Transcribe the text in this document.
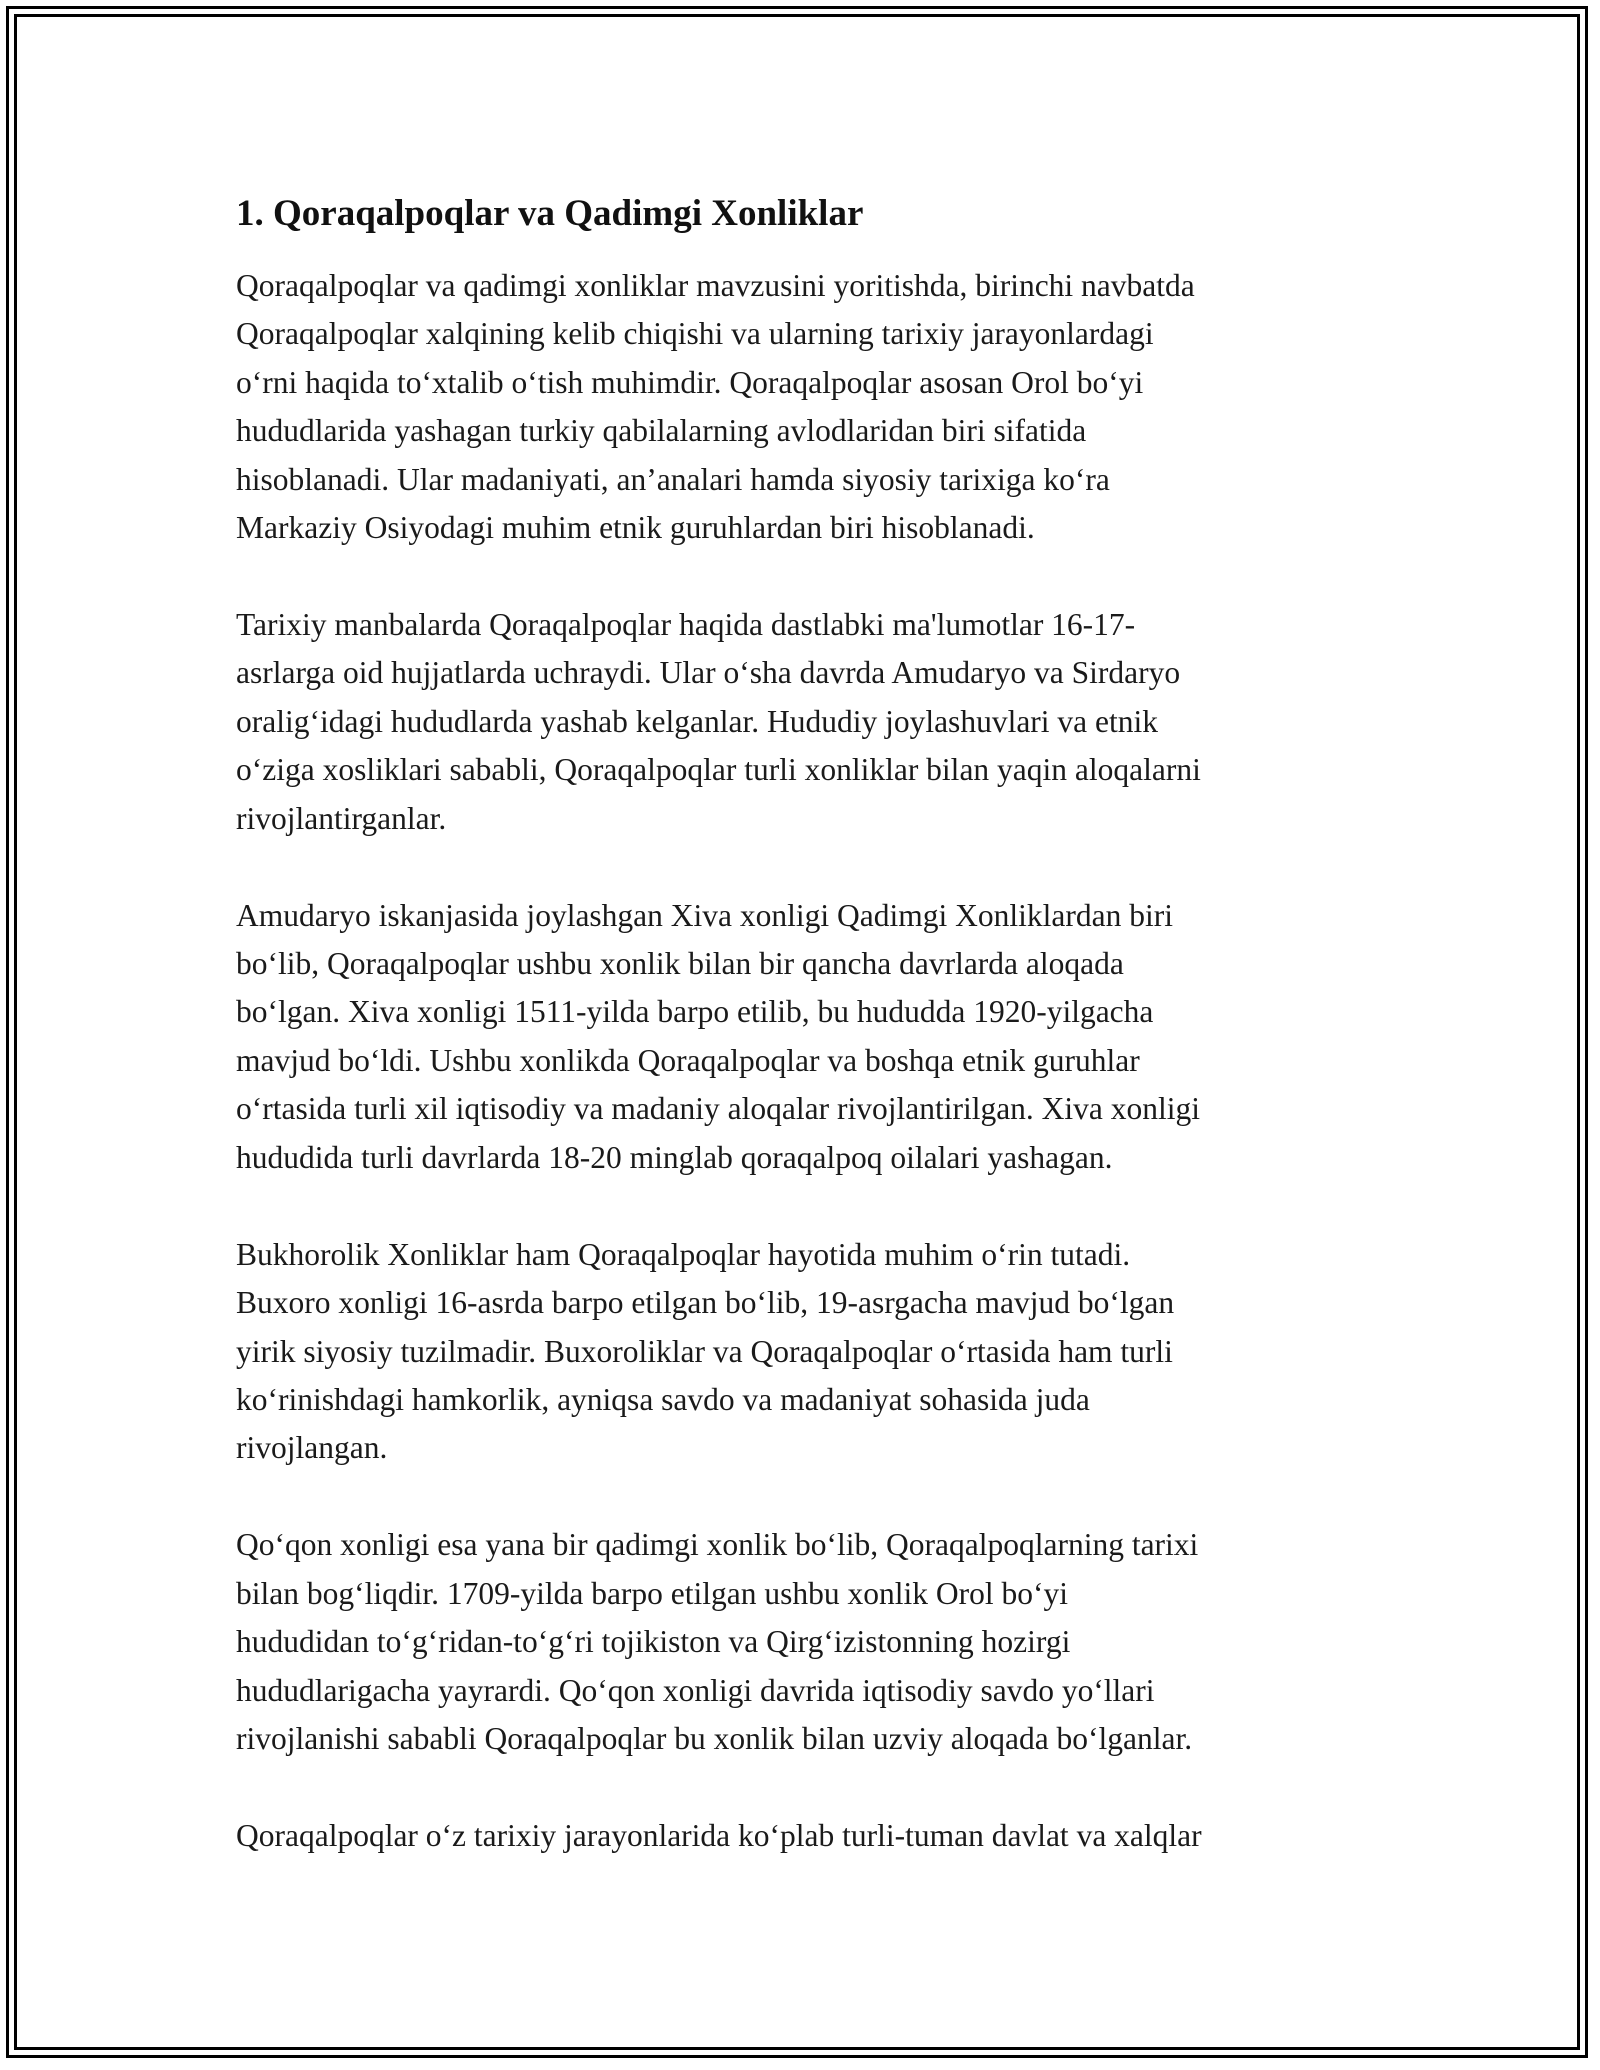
1. Qoraqalpoqlar va Qadimgi Xonliklar

Qoraqalpoqlar va qadimgi xonliklar mavzusini yoritishda, birinchi navbatda
Qoraqalpoqlar xalqining kelib chiqishi va ularning tarixiy jarayonlardagi
o‘rni haqida to‘xtalib o‘tish muhimdir. Qoraqalpoqlar asosan Orol bo‘yi
hududlarida yashagan turkiy qabilalarning avlodlaridan biri sifatida
hisoblanadi. Ular madaniyati, an’analari hamda siyosiy tarixiga ko‘ra
Markaziy Osiyodagi muhim etnik guruhlardan biri hisoblanadi.

Tarixiy manbalarda Qoraqalpoqlar haqida dastlabki ma'lumotlar 16-17-
asrlarga oid hujjatlarda uchraydi. Ular o‘sha davrda Amudaryo va Sirdaryo
oralig‘idagi hududlarda yashab kelganlar. Hududiy joylashuvlari va etnik
o‘ziga xosliklari sababli, Qoraqalpoqlar turli xonliklar bilan yaqin aloqalarni
rivojlantirganlar.

Amudaryo iskanjasida joylashgan Xiva xonligi Qadimgi Xonliklardan biri
bo‘lib, Qoraqalpoqlar ushbu xonlik bilan bir qancha davrlarda aloqada
bo‘lgan. Xiva xonligi 1511-yilda barpo etilib, bu hududda 1920-yilgacha
mavjud bo‘ldi. Ushbu xonlikda Qoraqalpoqlar va boshqa etnik guruhlar
o‘rtasida turli xil iqtisodiy va madaniy aloqalar rivojlantirilgan. Xiva xonligi
hududida turli davrlarda 18-20 minglab qoraqalpoq oilalari yashagan.

Bukhorolik Xonliklar ham Qoraqalpoqlar hayotida muhim o‘rin tutadi.
Buxoro xonligi 16-asrda barpo etilgan bo‘lib, 19-asrgacha mavjud bo‘lgan
yirik siyosiy tuzilmadir. Buxoroliklar va Qoraqalpoqlar o‘rtasida ham turli
ko‘rinishdagi hamkorlik, ayniqsa savdo va madaniyat sohasida juda
rivojlangan.

Qo‘qon xonligi esa yana bir qadimgi xonlik bo‘lib, Qoraqalpoqlarning tarixi
bilan bog‘liqdir. 1709-yilda barpo etilgan ushbu xonlik Orol bo‘yi
hududidan to‘g‘ridan-to‘g‘ri tojikiston va Qirg‘izistonning hozirgi
hududlarigacha yayrardi. Qo‘qon xonligi davrida iqtisodiy savdo yo‘llari
rivojlanishi sababli Qoraqalpoqlar bu xonlik bilan uzviy aloqada bo‘lganlar.

Qoraqalpoqlar o‘z tarixiy jarayonlarida ko‘plab turli-tuman davlat va xalqlar
